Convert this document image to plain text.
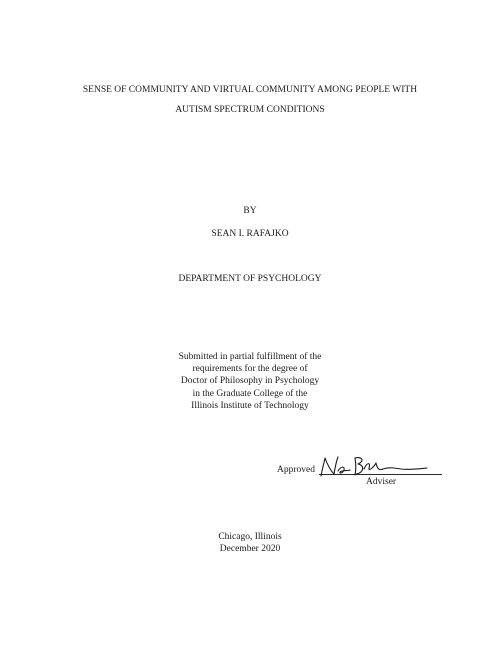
SENSE OF COMMUNITY AND VIRTUAL COMMUNITY AMONG PEOPLE WITH
AUTISM SPECTRUM CONDITIONS
BY
SEAN I. RAFAJKO
DEPARTMENT OF PSYCHOLOGY
Submitted in partial fulfillment of the
requirements for the degree of
Doctor of Philosophy in Psychology
in the Graduate College of the
Illinois Institute of Technology
Approved
Adviser
Chicago, Illinois
December 2020
